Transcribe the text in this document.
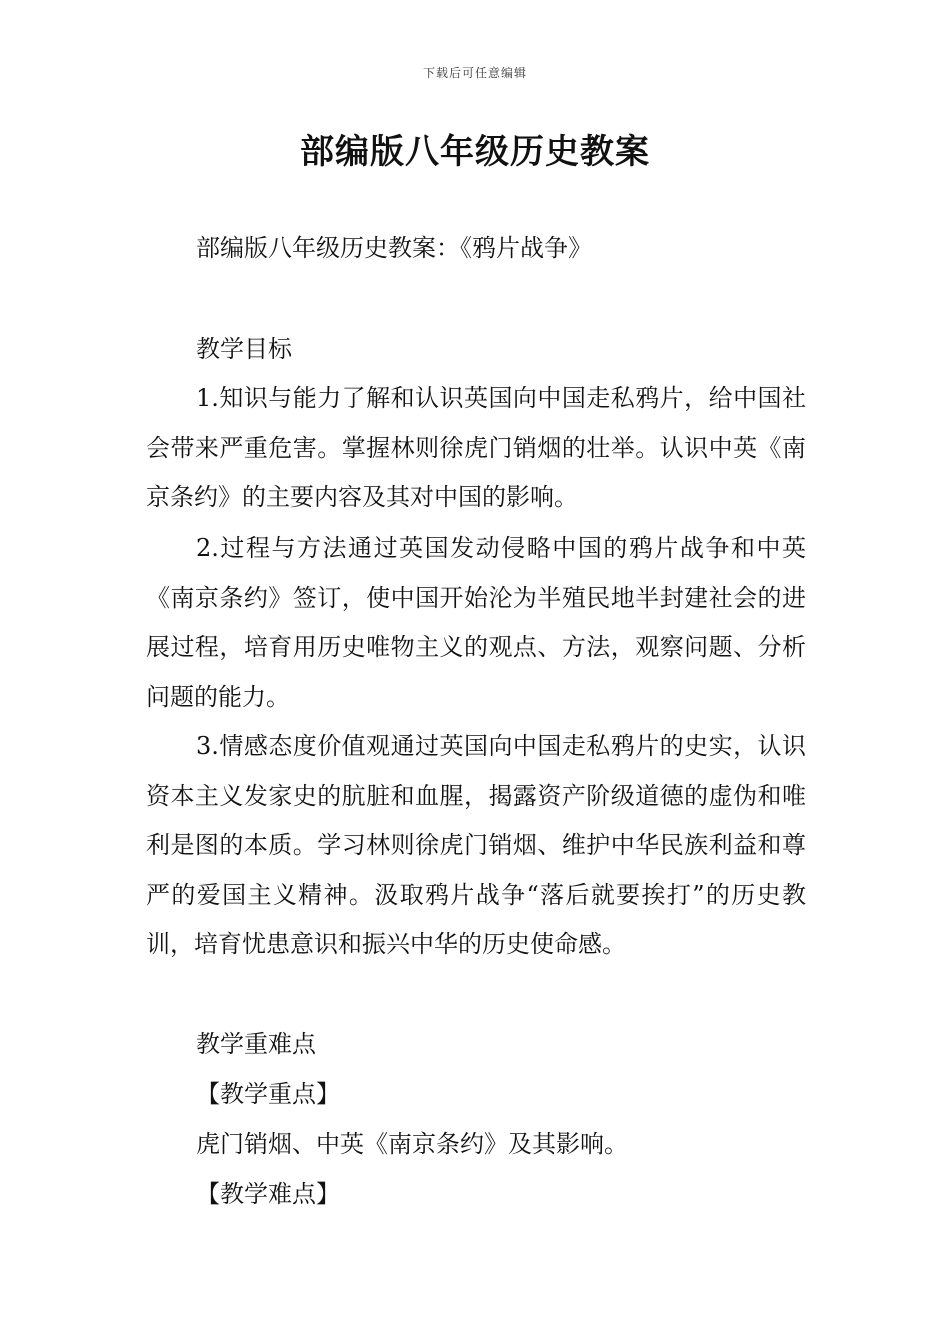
下载后可任意编辑
部编版八年级历史教案

部编版八年级历史教案：《鸦片战争》

教学目标

1.知识与能力了解和认识英国向中国走私鸦片，给中国社会带来严重危害。掌握林则徐虎门销烟的壮举。认识中英《南京条约》的主要内容及其对中国的影响。

2.过程与方法通过英国发动侵略中国的鸦片战争和中英《南京条约》签订，使中国开始沦为半殖民地半封建社会的进展过程，培育用历史唯物主义的观点、方法，观察问题、分析问题的能力。

3.情感态度价值观通过英国向中国走私鸦片的史实，认识资本主义发家史的肮脏和血腥，揭露资产阶级道德的虚伪和唯利是图的本质。学习林则徐虎门销烟、维护中华民族利益和尊严的爱国主义精神。汲取鸦片战争“落后就要挨打”的历史教训，培育忧患意识和振兴中华的历史使命感。

教学重难点

【教学重点】

虎门销烟、中英《南京条约》及其影响。

【教学难点】
